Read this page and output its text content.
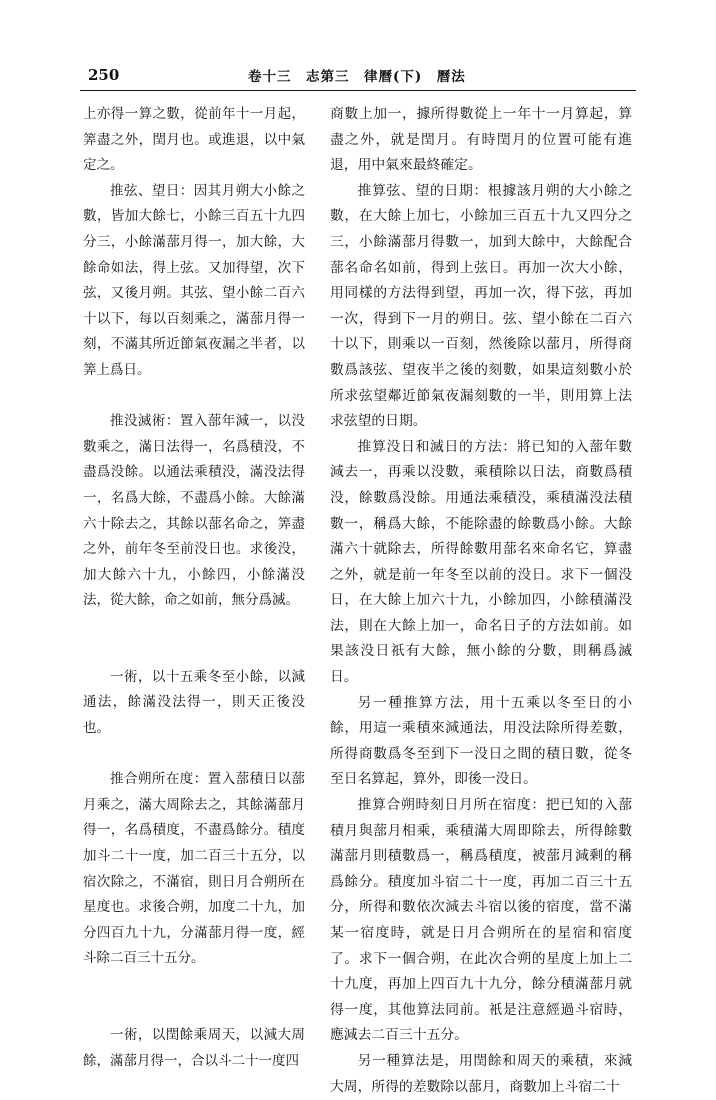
250	卷十三　志第三　律曆(下)　曆法

上亦得一算之數，從前年十一月起，筭盡之外，閏月也。或進退，以中氣定之。

推弦、望日：因其月朔大小餘之數，皆加大餘七，小餘三百五十九四分三，小餘滿蔀月得一，加大餘，大餘命如法，得上弦。又加得望，次下弦，又後月朔。其弦、望小餘二百六十以下，每以百刻乘之，滿蔀月得一刻，不滿其所近節氣夜漏之半者，以筭上爲日。

推没滅術：置入蔀年減一，以没數乘之，滿日法得一，名爲積没，不盡爲没餘。以通法乘積没，滿没法得一，名爲大餘，不盡爲小餘。大餘滿六十除去之，其餘以蔀名命之，筭盡之外，前年冬至前没日也。求後没，加大餘六十九，小餘四，小餘滿没法，從大餘，命之如前，無分爲滅。

一術，以十五乘冬至小餘，以減通法，餘滿没法得一，則天正後没也。

推合朔所在度：置入蔀積日以蔀月乘之，滿大周除去之，其餘滿蔀月得一，名爲積度，不盡爲餘分。積度加斗二十一度，加二百三十五分，以宿次除之，不滿宿，則日月合朔所在星度也。求後合朔，加度二十九，加分四百九十九，分滿蔀月得一度，經斗除二百三十五分。

一術，以閏餘乘周天，以減大周餘，滿蔀月得一，合以斗二十一度四

商數上加一，據所得數從上一年十一月算起，算盡之外，就是閏月。有時閏月的位置可能有進退，用中氣來最終確定。

推算弦、望的日期：根據該月朔的大小餘之數，在大餘上加七，小餘加三百五十九又四分之三，小餘滿蔀月得數一，加到大餘中，大餘配合蔀名命名如前，得到上弦日。再加一次大小餘，用同樣的方法得到望，再加一次，得下弦，再加一次，得到下一月的朔日。弦、望小餘在二百六十以下，則乘以一百刻，然後除以蔀月，所得商數爲該弦、望夜半之後的刻數，如果這刻數小於所求弦望鄰近節氣夜漏刻數的一半，則用算上法求弦望的日期。

推算没日和滅日的方法：將已知的入蔀年數減去一，再乘以没數，乘積除以日法，商數爲積没，餘數爲没餘。用通法乘積没，乘積滿没法積數一，稱爲大餘，不能除盡的餘數爲小餘。大餘滿六十就除去，所得餘數用蔀名來命名它，算盡之外，就是前一年冬至以前的没日。求下一個没日，在大餘上加六十九，小餘加四，小餘積滿没法，則在大餘上加一，命名日子的方法如前。如果該没日祇有大餘，無小餘的分數，則稱爲滅日。

另一種推算方法，用十五乘以冬至日的小餘，用這一乘積來減通法，用没法除所得差數，所得商數爲冬至到下一没日之間的積日數，從冬至日名算起，算外，即後一没日。

推算合朔時刻日月所在宿度：把已知的入蔀積月與蔀月相乘，乘積滿大周即除去，所得餘數滿蔀月則積數爲一，稱爲積度，被蔀月減剩的稱爲餘分。積度加斗宿二十一度，再加二百三十五分，所得和數依次減去斗宿以後的宿度，當不滿某一宿度時，就是日月合朔所在的星宿和宿度了。求下一個合朔，在此次合朔的星度上加上二十九度，再加上四百九十九分，餘分積滿蔀月就得一度，其他算法同前。衹是注意經過斗宿時，應減去二百三十五分。

另一種算法是，用閏餘和周天的乘積，來減大周，所得的差數除以蔀月，商數加上斗宿二十
